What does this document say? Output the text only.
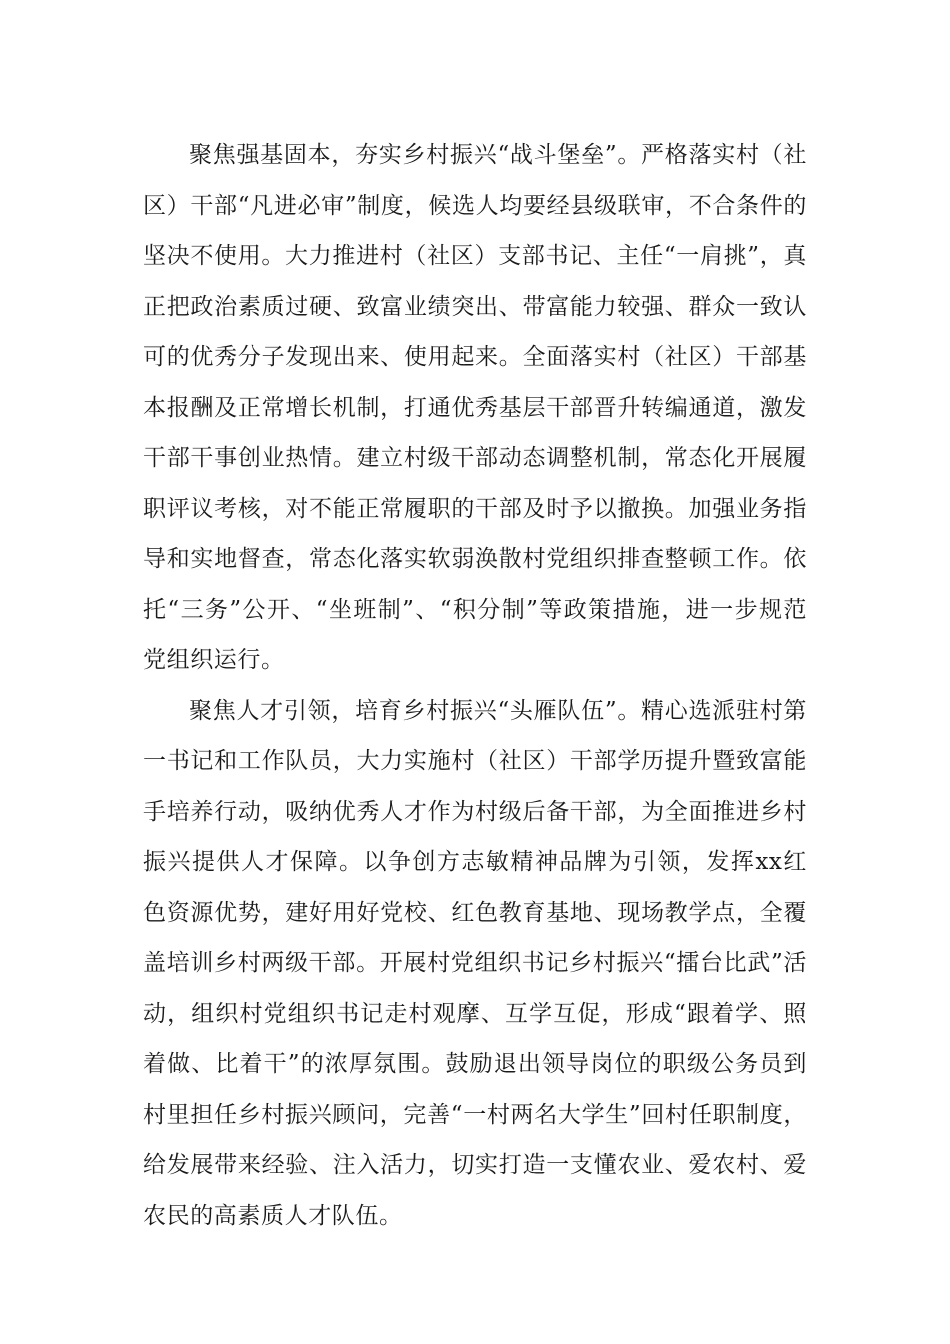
聚焦强基固本，夯实乡村振兴“战斗堡垒”。严格落实村（社区）干部“凡进必审”制度，候选人均要经县级联审，不合条件的坚决不使用。大力推进村（社区）支部书记、主任“一肩挑”，真正把政治素质过硬、致富业绩突出、带富能力较强、群众一致认可的优秀分子发现出来、使用起来。全面落实村（社区）干部基本报酬及正常增长机制，打通优秀基层干部晋升转编通道，激发干部干事创业热情。建立村级干部动态调整机制，常态化开展履职评议考核，对不能正常履职的干部及时予以撤换。加强业务指导和实地督查，常态化落实软弱涣散村党组织排查整顿工作。依托“三务”公开、“坐班制”、“积分制”等政策措施，进一步规范党组织运行。

聚焦人才引领，培育乡村振兴“头雁队伍”。精心选派驻村第一书记和工作队员，大力实施村（社区）干部学历提升暨致富能手培养行动，吸纳优秀人才作为村级后备干部，为全面推进乡村振兴提供人才保障。以争创方志敏精神品牌为引领，发挥xx红色资源优势，建好用好党校、红色教育基地、现场教学点，全覆盖培训乡村两级干部。开展村党组织书记乡村振兴“擂台比武”活动，组织村党组织书记走村观摩、互学互促，形成“跟着学、照着做、比着干”的浓厚氛围。鼓励退出领导岗位的职级公务员到村里担任乡村振兴顾问，完善“一村两名大学生”回村任职制度，给发展带来经验、注入活力，切实打造一支懂农业、爱农村、爱农民的高素质人才队伍。
